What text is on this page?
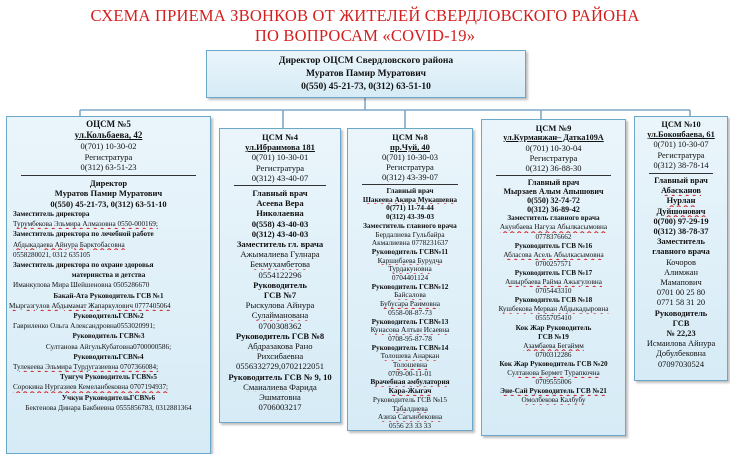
СХЕМА ПРИЕМА ЗВОНКОВ ОТ ЖИТЕЛЕЙ СВЕРДЛОВСКОГО РАЙОНА
ПО ВОПРОСАМ «COVID-19»
Директор ОЦСМ Свердловского района
Муратов Памир Муратович
0(550) 45-21-73, 0(312) 63-51-10
ОЦСМ №5
ул.Кольбаева, 42
0(701) 10-30-02
Регистратура
0(312) 63-51-23
Директор
Муратов Памир Муратович
0(550) 45-21-73, 0(312) 63-51-10
Заместитель директора
Турумбекова Эльмира Алмазовна 0550-000169;
Заместитель директора по лечебной работе
Абдыкадаева Айнура Барктобасовна
0558280021, 0312 635105
Заместитель директора по охране здоровья
материнства и детства
Иманкулова Мира Шейшеновна 0505286670
Бакай-Ата Руководитель ГСВ №1
Мыргазгулов Абдымамат Жапаркулович 0777405064
РуководительГСВ№2
Гавриленко Ольга Александровна0553020991;
Руководитель ГСВ№3
Султанова АйгульКубатовна0700000586;
РуководительГСВ№4
Тулекеева Эльмира Турдугазиевна 0707366084;
Тунгуч Руководитель ГСВ№5
Сорокина Нургазиев Кемеланбековна 0707194937;
Учкун РуководительГСВ№6
Бектенова Динара Бакбиевна 0555856783, 0312881364
ЦСМ №4
ул.Ибраимова 181
0(701) 10-30-01
Регистратура
0(312) 43-40-07
Главный врач
Асеева Вера
Николаевна
0(558) 43-40-03
0(312) 43-40-03
Заместитель гл. врача
Ажымалиева Гулнара
Бекмухамбетова
0554122296
Руководитель
ГСВ №7
Рыскулова Айнура
Сулайманована
0700308362
Руководитель ГСВ №8
Абдразакова Рано
Рихсибаевна
0556332729,0702122051
Руководитель ГСВ № 9, 10
Смаиалиева Фарида
Эшматовна
0706003217
ЦСМ №8
пр.Чуй, 40
0(701) 10-30-03
Регистратура
0(312) 43-39-07
Главный врач
Шакеева Акира Мукашевна
0(771) 11-74-44
0(312) 43-39-03
Заместитель главного врача
Бердалиева Гульбайра
Акмалиевна 0778231637
Руководитель ГСВ№11
Каршибаева Бурудча
Турдакуновна
0704401124
Руководитель ГСВ№12
Байсалова
Бубусара Раимовна
0558-08-87-73
Руководитель ГСВ№13
Кунасова Алтын Исаевна
0708-95-87-78
Руководитель ГСВ№14
Толошева Анаркан
Толошевна
0709-00-11-01
Врачебная амбулатория
Кара-Жыгач
Руководитель ГСВ №15
Табалдиева
Азиза Сагынбековна
0556 23 33 33
ЦСМ №9
ул.Курманжан– Датка109А
0(701) 10-30-04
Регистратура
0(312) 36-88-30
Главный врач
Мырзаев Алым Апышович
0(550) 32-74-72
0(312) 36-89-42
Заместитель главного врача
Акунбаева Нагуза Абылкасымовна
0778376662
Руководитель ГСВ №16
Абласова Асель Абылкасымовна
0700257571
Руководитель ГСВ №17
Ашырбаева Райма Ажыгуловна
0705443310
Руководитель ГСВ №18
Кушбекова Мерван Абдыкадыровна
0555705410
Кок Жар Руководитель
ГСВ №19
Азамбаева Бегаймм
0700312286
Кок Жар Руководитель ГСВ №20
Султанова Бермет Турапкочна
0709555006
Эне-Сай Руководитель ГСВ №21
Омолбекова Калбубу
ЦСМ №10
ул.Боконбаева, 61
0(701) 10-30-07
Регистратура
0(312) 38-78-14
Главный врач
Абасканов
Нурлан
Дуйшонович
0(700) 97-29-19
0(312) 38-78-37
Заместитель
главного врача
Кочоров
Алимжан
Мамапович
0701 00 25 80
0771 58 31 20
Руководитель
ГСВ
№ 22,23
Исмаилова Айнура
Добулбековна
07097030524
